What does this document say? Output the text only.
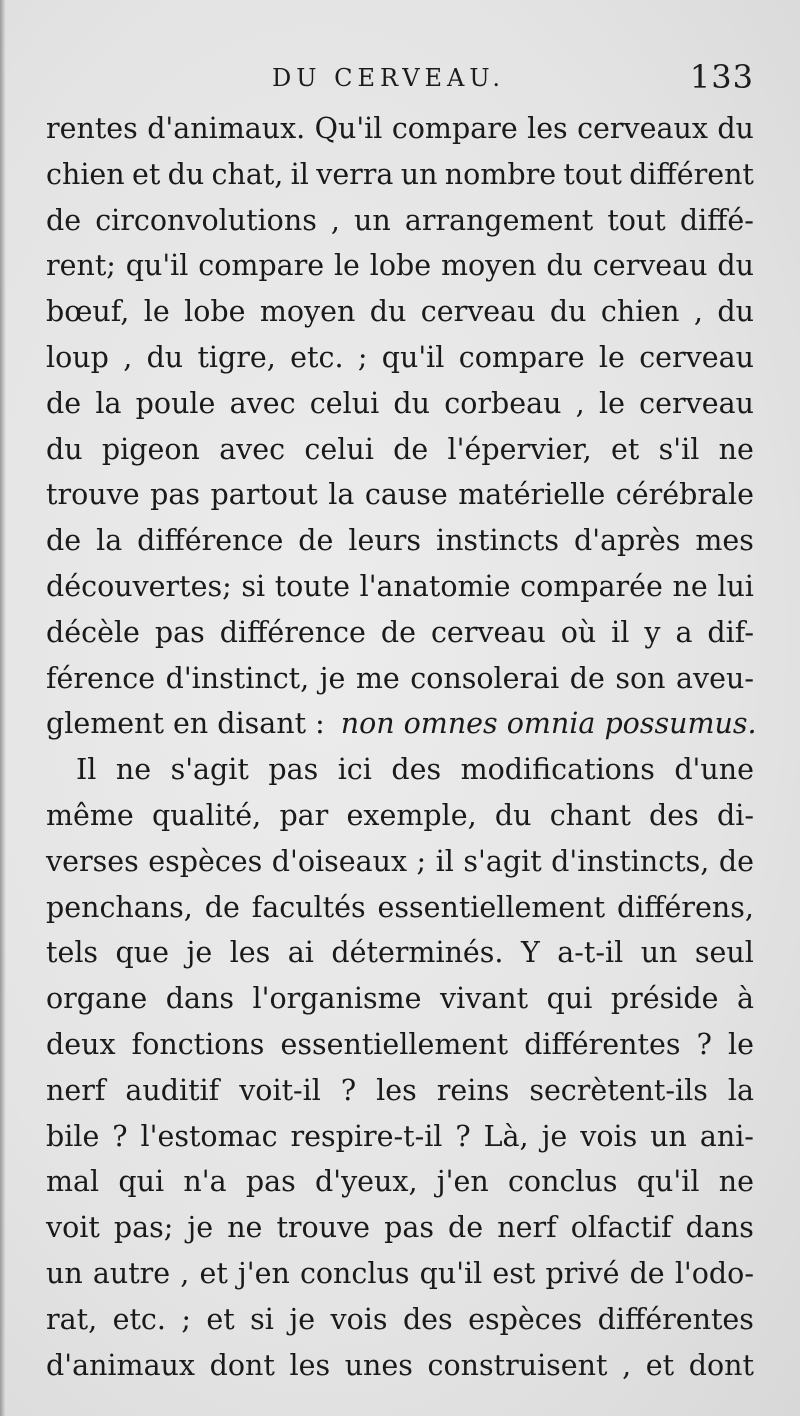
DU CERVEAU.	133
rentes d'animaux. Qu'il compare les cerveaux du
chien et du chat, il verra un nombre tout différent
de circonvolutions , un arrangement tout diffé-
rent; qu'il compare le lobe moyen du cerveau du
bœuf, le lobe moyen du cerveau du chien , du
loup , du tigre, etc. ; qu'il compare le cerveau
de la poule avec celui du corbeau , le cerveau
du pigeon avec celui de l'épervier, et s'il ne
trouve pas partout la cause matérielle cérébrale
de la différence de leurs instincts d'après mes
découvertes; si toute l'anatomie comparée ne lui
décèle pas différence de cerveau où il y a dif-
férence d'instinct, je me consolerai de son aveu-
glement en disant : non omnes omnia possumus.
Il ne s'agit pas ici des modifications d'une
même qualité, par exemple, du chant des di-
verses espèces d'oiseaux ; il s'agit d'instincts, de
penchans, de facultés essentiellement différens,
tels que je les ai déterminés. Y a-t-il un seul
organe dans l'organisme vivant qui préside à
deux fonctions essentiellement différentes ? le
nerf auditif voit-il ? les reins secrètent-ils la
bile ? l'estomac respire-t-il ? Là, je vois un ani-
mal qui n'a pas d'yeux, j'en conclus qu'il ne
voit pas; je ne trouve pas de nerf olfactif dans
un autre , et j'en conclus qu'il est privé de l'odo-
rat, etc. ; et si je vois des espèces différentes
d'animaux dont les unes construisent , et dont
